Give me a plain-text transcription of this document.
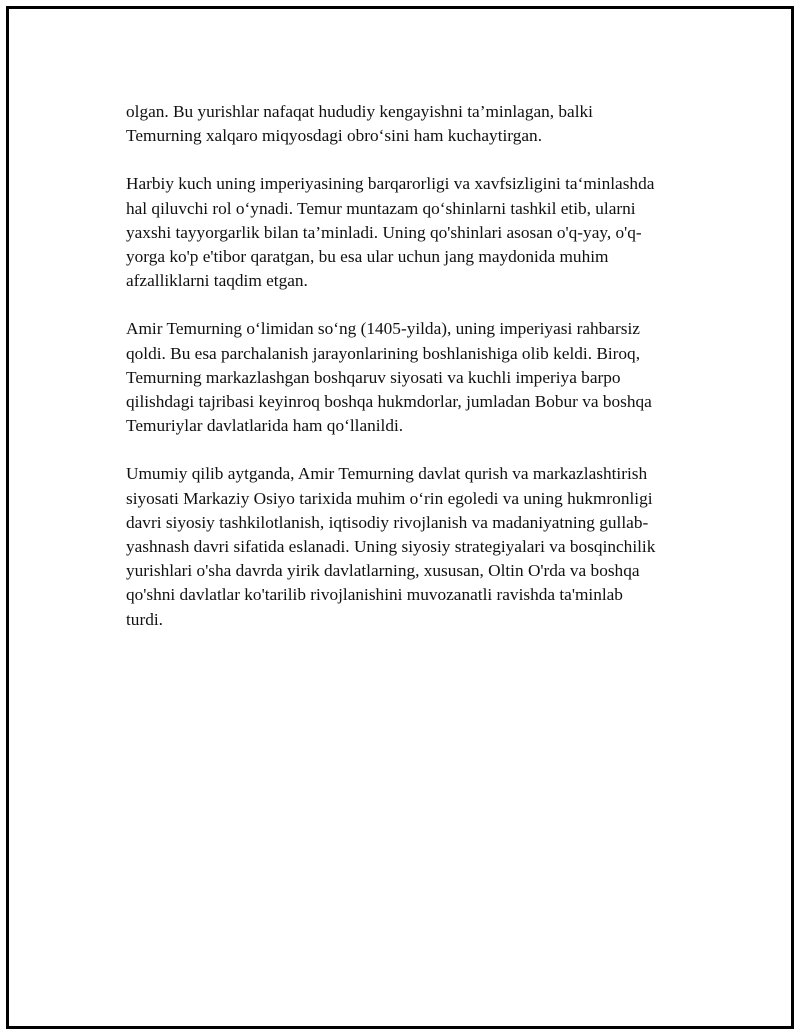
olgan. Bu yurishlar nafaqat hududiy kengayishni ta’minlagan, balki
Temurning xalqaro miqyosdagi obro‘sini ham kuchaytirgan.

Harbiy kuch uning imperiyasining barqarorligi va xavfsizligini ta‘minlashda
hal qiluvchi rol o‘ynadi. Temur muntazam qo‘shinlarni tashkil etib, ularni
yaxshi tayyorgarlik bilan ta’minladi. Uning qo'shinlari asosan o'q-yay, o'q-
yorga ko'p e'tibor qaratgan, bu esa ular uchun jang maydonida muhim
afzalliklarni taqdim etgan.

Amir Temurning o‘limidan so‘ng (1405-yilda), uning imperiyasi rahbarsiz
qoldi. Bu esa parchalanish jarayonlarining boshlanishiga olib keldi. Biroq,
Temurning markazlashgan boshqaruv siyosati va kuchli imperiya barpo
qilishdagi tajribasi keyinroq boshqa hukmdorlar, jumladan Bobur va boshqa
Temuriylar davlatlarida ham qo‘llanildi.

Umumiy qilib aytganda, Amir Temurning davlat qurish va markazlashtirish
siyosati Markaziy Osiyo tarixida muhim o‘rin egoledi va uning hukmronligi
davri siyosiy tashkilotlanish, iqtisodiy rivojlanish va madaniyatning gullab-
yashnash davri sifatida eslanadi. Uning siyosiy strategiyalari va bosqinchilik
yurishlari o'sha davrda yirik davlatlarning, xususan, Oltin O'rda va boshqa
qo'shni davlatlar ko'tarilib rivojlanishini muvozanatli ravishda ta'minlab
turdi.
